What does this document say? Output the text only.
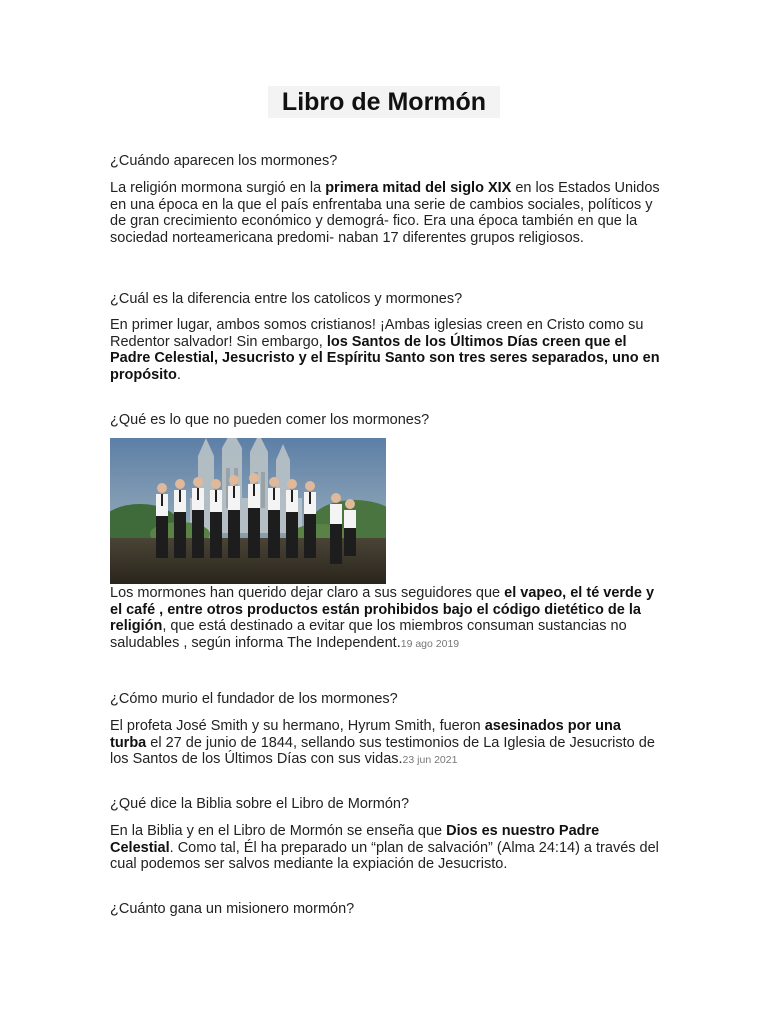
Libro de Mormón
¿Cuándo aparecen los mormones?
La religión mormona surgió en la primera mitad del siglo XIX en los Estados Unidos en una época en la que el país enfrentaba una serie de cambios sociales, políticos y de gran crecimiento económico y demográ- fico. Era una época también en que la sociedad norteamericana predomi- naban 17 diferentes grupos religiosos.
¿Cuál es la diferencia entre los catolicos y mormones?
En primer lugar, ambos somos cristianos! ¡Ambas iglesias creen en Cristo como su Redentor salvador! Sin embargo, los Santos de los Últimos Días creen que el Padre Celestial, Jesucristo y el Espíritu Santo son tres seres separados, uno en propósito.
¿Qué es lo que no pueden comer los mormones?
Los mormones han querido dejar claro a sus seguidores que el vapeo, el té verde y el café , entre otros productos están prohibidos bajo el código dietético de la religión, que está destinado a evitar que los miembros consuman sustancias no saludables , según informa The Independent.19 ago 2019
¿Cómo murio el fundador de los mormones?
El profeta José Smith y su hermano, Hyrum Smith, fueron asesinados por una turba el 27 de junio de 1844, sellando sus testimonios de La Iglesia de Jesucristo de los Santos de los Últimos Días con sus vidas.23 jun 2021
¿Qué dice la Biblia sobre el Libro de Mormón?
En la Biblia y en el Libro de Mormón se enseña que Dios es nuestro Padre Celestial. Como tal, Él ha preparado un “plan de salvación” (Alma 24:14) a través del cual podemos ser salvos mediante la expiación de Jesucristo.
¿Cuánto gana un misionero mormón?
